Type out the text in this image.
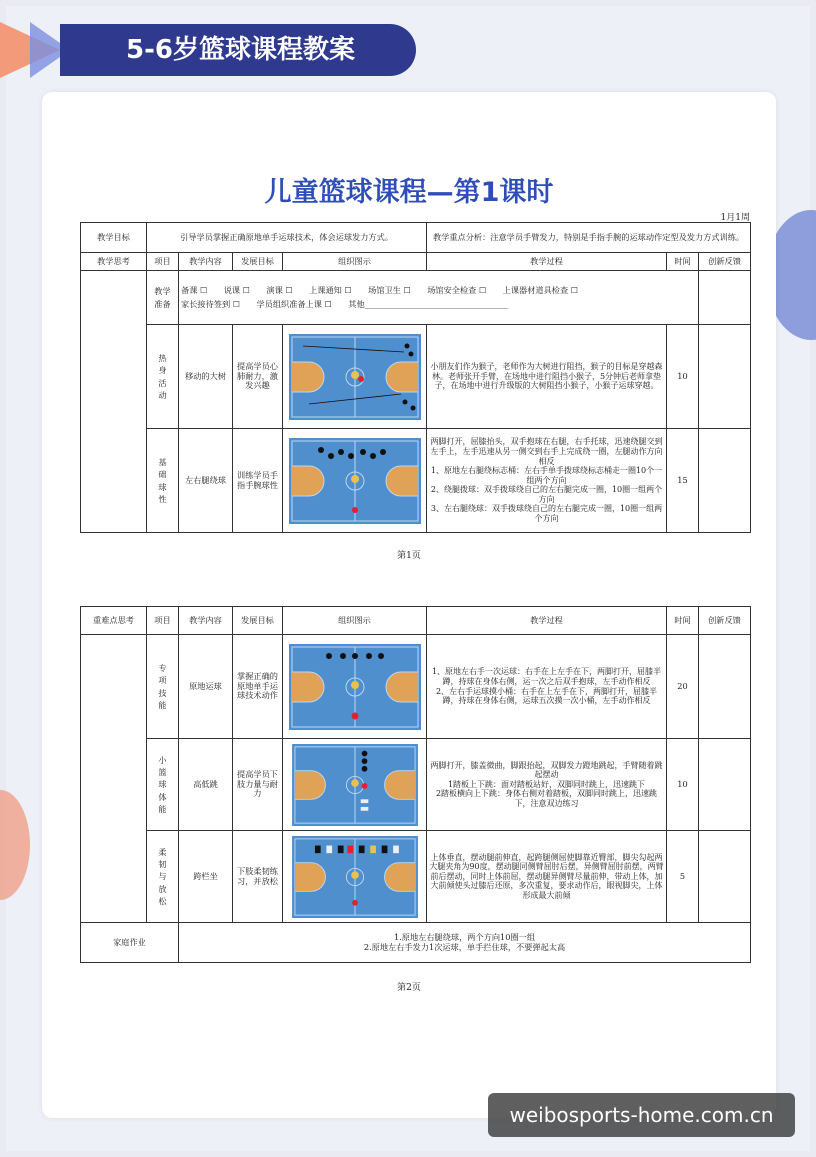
5-6岁篮球课程教案
儿童篮球课程—第1课时
1月1周
教学目标	引导学员掌握正确原地单手运球技术，体会运球发力方式。				教学重点分析：注意学员手臂发力，特别是手指手腕的运球动作定型及发力方式训练。		
教学思考	项目	教学内容	发展目标	组织图示	教学过程	时间	创新反馈

	教学准备	备课 ☐　　说课 ☐　　演课 ☐　　上课通知 ☐　　场馆卫生 ☐　　场馆安全检查 ☐　　上课器材道具检查 ☐
家长接待签到 ☐　　学员组织准备上课 ☐　　其他___________________________________					

	热身活动	移动的大树	提高学员心肺耐力，激发兴趣		小朋友们作为猴子，老师作为大树进行阻挡，猴子的目标是穿越森林。老师张开手臂，在场地中进行阻挡小猴子，5分钟后老师拿垫子，在场地中进行升级版的大树阻挡小猴子，小猴子运球穿越。	10	

	基础球性	左右腿绕球	训练学员手指手腕球性		两脚打开，屈膝抬头，双手抱球在右腿，右手托球，迅速绕腿交到左手上，左手迅速从另一侧交到右手上完成绕一圈，左腿动作方向相反
1、原地左右腿绕标志桶：左右手单手拨球绕标志桶走一圈10个一组两个方向
2、绕腿拨球：双手拨球绕自己的左右腿完成一圈，10圈一组两个方向
3、左右腿绕球：双手拨球绕自己的左右腿完成一圈，10圈一组两个方向	15	
第1页
重难点思考	项目	教学内容	发展目标	组织图示	教学过程	时间	创新反馈

	专项技能	原地运球	掌握正确的原地单手运球技术动作		1、原地左右手一次运球：右手在上左手在下，两脚打开，屈膝半蹲，持球在身体右侧，运一次之后双手抱球，左手动作相反
2、左右手运球摸小桶：右手在上左手在下，两脚打开，屈膝半蹲，持球在身体右侧，运球五次摸一次小桶，左手动作相反	20	

	小篮球体能	高低跳	提高学员下肢力量与耐力		两脚打开，膝盖微曲，脚跟抬起，双脚发力蹬地跳起，手臂随着跳起摆动
1踏板上下跳：面对踏板站好，双脚同时跳上，迅速跳下
2踏板横向上下跳：身体右侧对着踏板，双脚同时跳上，迅速跳下，注意双边练习	10	

	柔韧与放松	跨栏坐	下肢柔韧练习，并放松		上体垂直，摆动腿前伸直，起跨腿侧屈使脚靠近臀部，脚尖勾起两大腿夹角为90度，摆动腿同侧臂屈肘后摆，异侧臂屈肘前摆，两臂前后摆动，同时上体前屈，摆动腿异侧臂尽量前伸，带动上体，加大前倾使头过膝后还原，多次重复，要求动作后，眼视脚尖，上体形成最大前倾	5	
家庭作业		1.原地左右腿绕球，两个方向10圈一组
2.原地左右手发力1次运球，单手拦住球，不要弹起太高					
第2页
weibosports-home.com.cn
